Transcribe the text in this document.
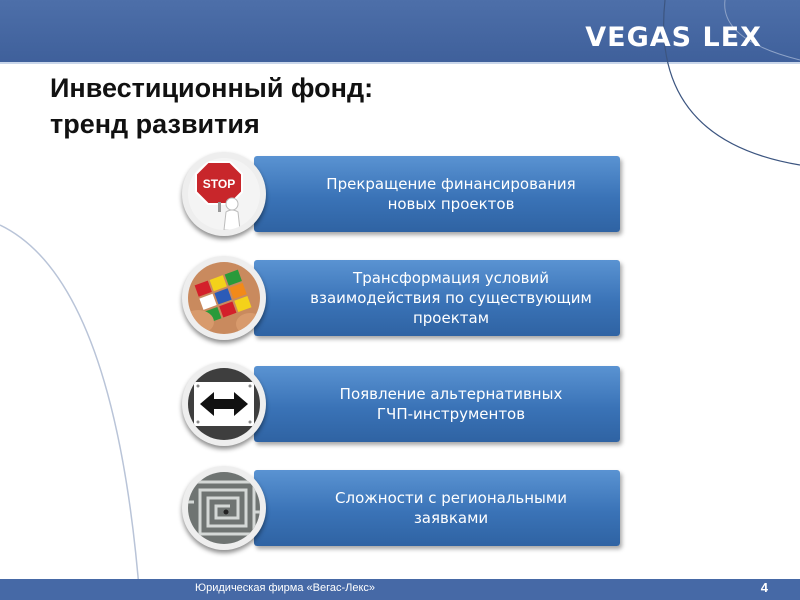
VEGAS LEX
Инвестиционный фонд:
тренд развития
Прекращение финансирования
новых проектов
STOP
Трансформация условий
взаимодействия по существующим
проектам
Появление альтернативных
ГЧП-инструментов
Сложности с региональными
заявками
Юридическая фирма «Вегас-Лекс»	4
